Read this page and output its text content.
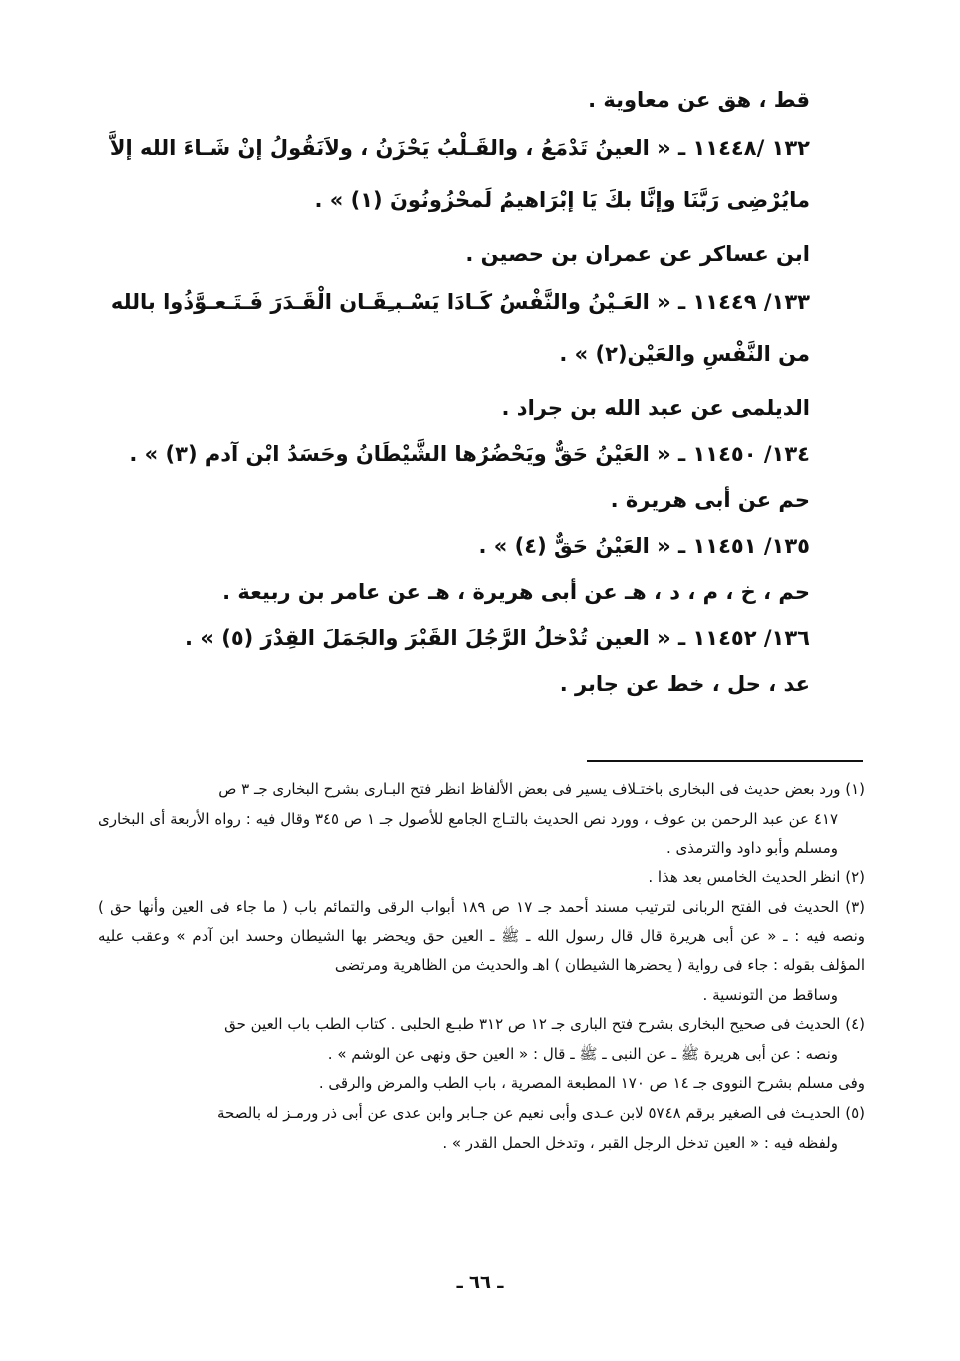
قط ، هق عن معاوية .

١٣٢ /١١٤٤٨ ـ « العينُ تَدْمَعُ ، والقَـلْبُ يَحْزَنُ ، ولاَنَقُولُ إنْ شَـاءَ الله إلاَّ مايُرْضِى رَبَّنَا وإنَّا بكَ يَا إبْرَاهيمُ لَمحْزُونُونَ (١) » .

ابن عساكر عن عمران بن حصين .

١٣٣/ ١١٤٤٩ ـ « العَـيْنُ والنَّفْسُ كَـادَا يَسْـبـِقَـان الْقَـدَرَ فَـتَـعـوَّذُوا بالله من النَّفْسِ والعَيْن(٢) » .

الديلمى عن عبد الله بن جراد .

١٣٤/ ١١٤٥٠ ـ « العَيْنُ حَقٌّ ويَحْضُرُها الشَّيْطَانُ وحَسَدُ ابْن آدم (٣) » .

حم عن أبى هريرة .

١٣٥/ ١١٤٥١ ـ « العَيْنُ حَقٌّ (٤) » .

حم ، خ ، م ، د ، هـ عن أبى هريرة ، هـ عن عامر بن ربيعة .

١٣٦/ ١١٤٥٢ ـ « العين تُدْخلُ الرَّجُلَ القَبْرَ والجَمَلَ القِدْرَ (٥) » .

عد ، حل ، خط عن جابر .

(١) ورد بعض حديث فى البخارى باختـلاف يسير فى بعض الألفاظ انظر فتح البـارى بشرح البخارى جـ ٣ ص

٤١٧ عن عبد الرحمن بن عوف ، وورد نص الحديث بالتـاج الجامع للأصول جـ ١ ص ٣٤٥ وقال فيه : رواه الأربعة أى البخارى ومسلم وأبو داود والترمذى .

(٢) انظر الحديث الخامس بعد هذا .

(٣) الحديث فى الفتح الربانى لترتيب مسند أحمد جـ ١٧ ص ١٨٩ أبواب الرقى والتمائم باب ( ما جاء فى العين وأنها حق ) ونصه فيه : ـ « عن أبى هريرة قال قال رسول الله ـ ﷺ ـ العين حق ويحضر بها الشيطان وحسد ابن آدم » وعقب عليه المؤلف بقوله : جاء فى رواية ( يحضرها الشيطان ) اهـ والحديث من الظاهرية ومرتضى

وساقط من التونسية .

(٤) الحديث فى صحيح البخارى بشرح فتح البارى جـ ١٢ ص ٣١٢ طبـع الحلبى . كتاب الطب باب العين حق

ونصه : عن أبى هريرة ﷺ ـ عن النبى ـ ﷺ ـ قال : « العين حق ونهى عن الوشم » .

وفى مسلم بشرح النووى جـ ١٤ ص ١٧٠ المطبعة المصرية ، باب الطب والمرض والرقى .

(٥) الحديـث فى الصغير برقم ٥٧٤٨ لابن عـدى وأبى نعيم عن جـابر وابن عدى عن أبى ذر ورمـز له بالصحة

ولفظه فيه : « العين تدخل الرجل القبر ، وتدخل الحمل القدر » .

ـ ٦٦ ـ
